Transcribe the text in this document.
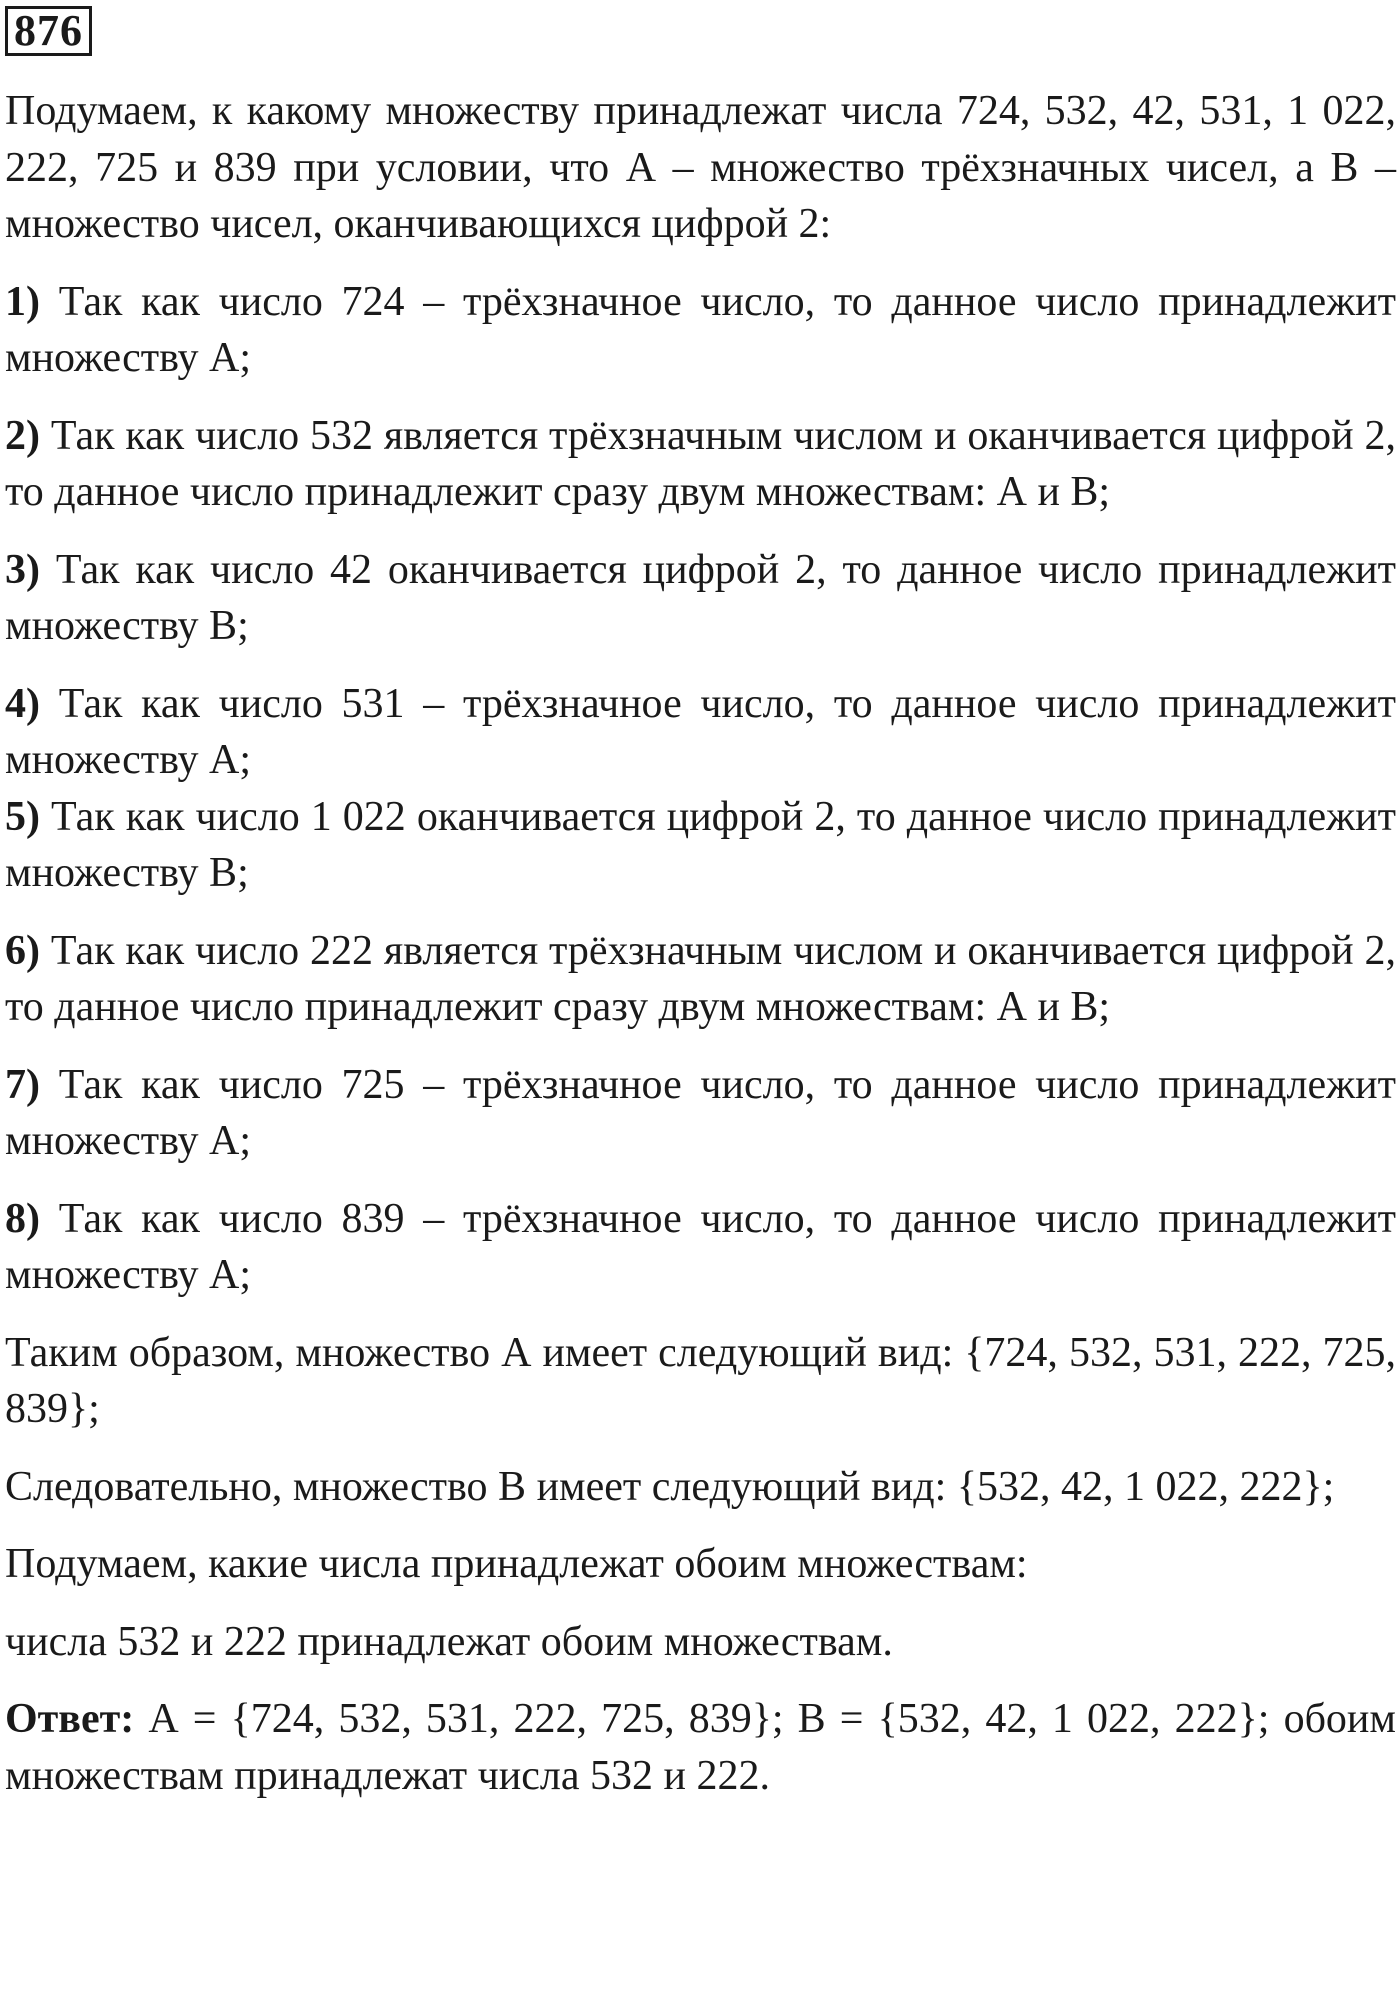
876

Подумаем, к какому множеству принадлежат числа 724, 532, 42, 531, 1 022, 222, 725 и 839 при условии, что А – множество трёхзначных чисел, а В – множество чисел, оканчивающихся цифрой 2:

1) Так как число 724 – трёхзначное число, то данное число принадлежит множеству А;

2) Так как число 532 является трёхзначным числом и оканчивается цифрой 2, то данное число принадлежит сразу двум множествам: А и В;

3) Так как число 42 оканчивается цифрой 2, то данное число принадлежит множеству В;

4) Так как число 531 – трёхзначное число, то данное число принадлежит множеству А;

5) Так как число 1 022 оканчивается цифрой 2, то данное число принадлежит множеству В;

6) Так как число 222 является трёхзначным числом и оканчивается цифрой 2, то данное число принадлежит сразу двум множествам: А и В;

7) Так как число 725 – трёхзначное число, то данное число принадлежит множеству А;

8) Так как число 839 – трёхзначное число, то данное число принадлежит множеству А;

Таким образом, множество А имеет следующий вид: {724, 532, 531, 222, 725, 839};

Следовательно, множество В имеет следующий вид: {532, 42, 1 022, 222};

Подумаем, какие числа принадлежат обоим множествам:

числа 532 и 222 принадлежат обоим множествам.

Ответ: А = {724, 532, 531, 222, 725, 839}; В = {532, 42, 1 022, 222}; обоим множествам принадлежат числа 532 и 222.
